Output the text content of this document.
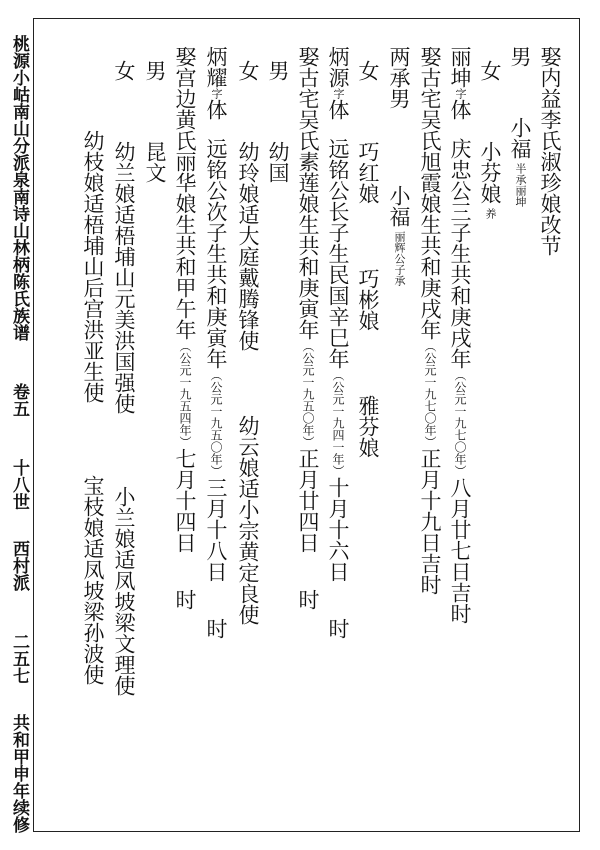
桃源小岵南山分派泉南诗山林柄陈氏族谱 卷五 十八世 西村派 二五七 共和甲申年续修
娶内益李氏淑珍娘改节
男 小福半承丽坤
女 小芬娘养
丽坤字体庆忠公三子生共和庚戌年（公元一九七〇年）八月廿七日吉时
娶古宅吴氏旭霞娘生共和庚戌年（公元一九七〇年）正月十九日吉时
两承男 小福丽辉公子承
女 巧红娘 巧彬娘 雅芬娘
炳源字体远铭公长子生民国辛巳年（公元一九四一年）十月十六日时
娶古宅吴氏素莲娘生共和庚寅年（公元一九五〇年）正月廿四日时
男 幼国
女 幼玲娘适大庭戴腾锋使 幼云娘适小宗黄定良使
炳耀字体远铭公次子生共和庚寅年（公元一九五〇年）三月十八日时
娶宫边黄氏丽华娘生共和甲午年（公元一九五四年）七月十四日时
男 昆文
女 幼兰娘适梧埔山元美洪国强使 小兰娘适凤坡梁文理使
幼枝娘适梧埔山后宫洪亚生使 宝枝娘适凤坡梁孙波使
